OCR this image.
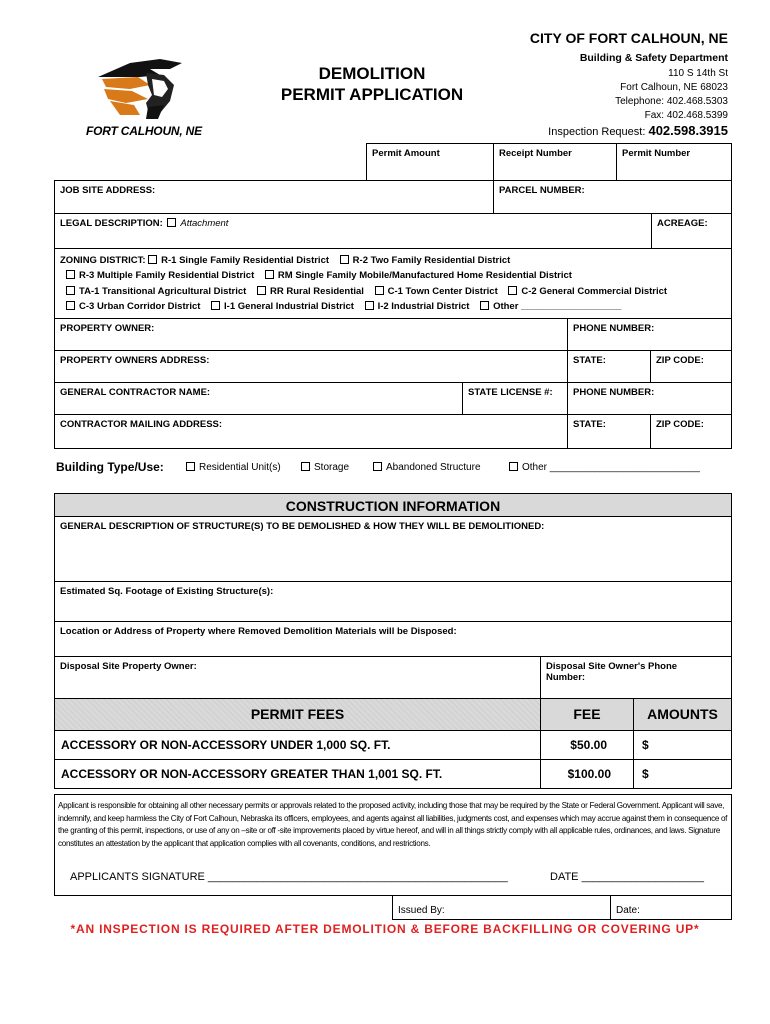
CITY OF FORT CALHOUN, NE
Building & Safety Department
110 S 14th St
Fort Calhoun, NE 68023
Telephone: 402.468.5303
Fax: 402.468.5399
Inspection Request: 402.598.3915
DEMOLITION
PERMIT APPLICATION
FORT CALHOUN, NE
Permit Amount	Receipt Number	Permit Number
JOB SITE ADDRESS:	PARCEL NUMBER:
LEGAL DESCRIPTION: Attachment	ACREAGE:
ZONING DISTRICT: R-1 Single Family Residential District R-2 Two Family Residential District
R-3 Multiple Family Residential District RM Single Family Mobile/Manufactured Home Residential District
TA-1 Transitional Agricultural District RR Rural Residential C-1 Town Center District C-2 General Commercial District
C-3 Urban Corridor District I-1 General Industrial District I-2 Industrial District Other ___________________
PROPERTY OWNER:	PHONE NUMBER:
PROPERTY OWNERS ADDRESS:	STATE:	ZIP CODE:
GENERAL CONTRACTOR NAME:	STATE LICENSE #:	PHONE NUMBER:
CONTRACTOR MAILING ADDRESS:	STATE:	ZIP CODE:
Building Type/Use:	Residential Unit(s)	Storage	Abandoned Structure	Other ___________________________
CONSTRUCTION INFORMATION
GENERAL DESCRIPTION OF STRUCTURE(S) TO BE DEMOLISHED & HOW THEY WILL BE DEMOLITIONED:
Estimated Sq. Footage of Existing Structure(s):
Location or Address of Property where Removed Demolition Materials will be Disposed:
Disposal Site Property Owner:	Disposal Site Owner's Phone
Number:
PERMIT FEES	FEE	AMOUNTS
ACCESSORY OR NON-ACCESSORY UNDER 1,000 SQ. FT.	$50.00	$
ACCESSORY OR NON-ACCESSORY GREATER THAN 1,001 SQ. FT.	$100.00	$
Applicant is responsible for obtaining all other necessary permits or approvals related to the proposed activity, including those that may be required by the State or Federal Government. Applicant will save, indemnify, and keep harmless the City of Fort Calhoun, Nebraska its officers, employees, and agents against all liabilities, judgments cost, and expenses which may accrue against them in consequence of the granting of this permit, inspections, or use of any on –site or off -site improvements placed by virtue hereof, and will in all things strictly comply with all applicable rules, ordinances, and laws. Signature constitutes an attestation by the applicant that application complies with all covenants, conditions, and restrictions.
APPLICANTS SIGNATURE _________________________________________________	DATE ____________________
Issued By:	Date:
*AN INSPECTION IS REQUIRED AFTER DEMOLITION & BEFORE BACKFILLING OR COVERING UP*
